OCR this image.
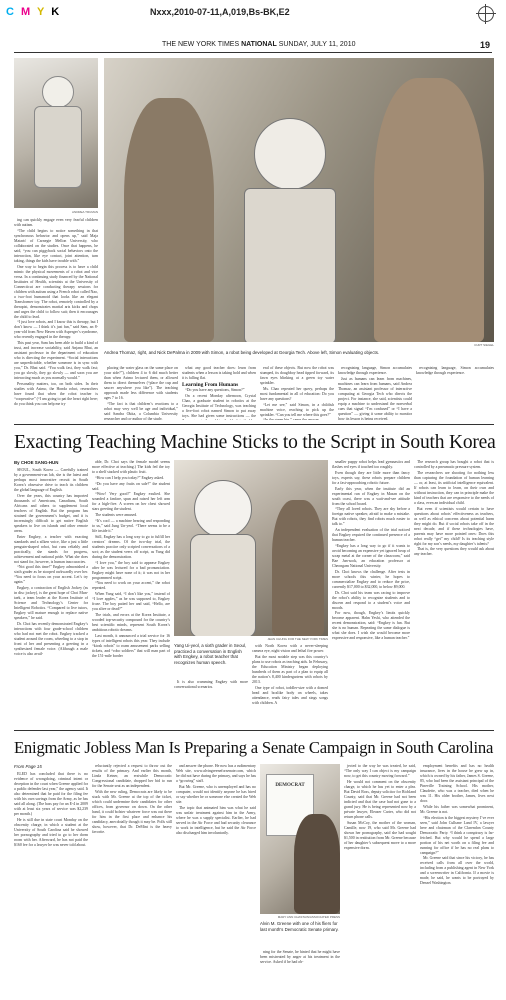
C M Y K	Nxxx,2010-07-11,A,019,Bs-BK,E2
THE NEW YORK TIMES NATIONAL SUNDAY, JULY 11, 2010	19
ANDREA TRUMAN
CURT SIEGEL
Andrea Thomaz, right, and Nick DePalma in 2009 with Simon, a robot being developed at Georgia Tech. Above left, Simon evaluating objects.

ing can quickly engage even very fearful children with autism.

“The child begins to notice something in that synchronous behavior and opens up,” said Maja Matarić of Carnegie Mellon University, who collaborated on the studies. Once that happens, he said, “you can piggyback social behaviors onto the interaction, like eye contact, joint attention, turn taking, things the kids have trouble with.”

One way to begin this process is to have a child mimic the physical movements of a robot and vice versa. In a continuing study financed by the National Institutes of Health, scientists at the University of Connecticut are conducting therapy sessions for children with autism using a French robot called Nao, a two-foot humanoid that looks like an elegant Transformer toy. The robot, remotely controlled by a therapist, demonstrates martial arts kicks and chops and urges the child to follow suit; then it encourages the child to lead.

“I just love robots, and I know this is therapy, but I don’t know — I think it’s just fun,” said Sam, an 8-year-old from New Haven with Asperger’s syndrome, who recently engaged in the therapy.

This past year, Sam has been able to build a kind of trust, and increase sociability, said Anjana Bhat, an assistant professor in the department of education who is directing the experiment. “Social interactions are unpredictable, whether someone is in sync with you,” Dr. Bhat said. “You walk fast, they walk fast; you go slowly, they go slowly — and soon you are interacting much as you normally would.”

Personality matters, too, on both sides. In their studies with Asimo, the Honda robot, researchers have found that when the robot teacher is “cooperative” (“I am going to pat the heart right here; do you think you can help me try

placing the water glass on the same place on your side?”), children 4 to 6 did much better than when Asimo lectured them, or allowed them to direct themselves (“place the cup and saucer anywhere you like”). The teaching approach made less difference with students ages 7 to 16.

“The fact is that children’s reactions to a robot may very well be age and individual,” said Sandra Okita, a Columbia University researcher and co-author of the study.

what any good teacher does: learn from students when a lesson is taking hold and when it is falling flat.

Learning From Humans

“Do you have any questions, Simon?”

On a recent Monday afternoon, Crystal Chao, a graduate student in robotics at the Georgia Institute of Technology, was teaching a five-foot robot named Simon to put away toys. She had given some instructions — the

eral of these objects. But now the robot was stumped, its doughboy head tipped forward, its fawn eyes blinking at a green toy water sprinkler.

Ms. Chao repeated her query, perhaps the most fundamental in all of education: Do you have any questions?

“Let me see,” said Simon, in a childish machine voice, reaching to pick up the sprinkler. “Can you tell me where this goes?”

recognizing language, Simon accumulates knowledge through experience.

Just as humans can learn from machines, machines can learn from humans, said Andrea Thomaz, an assistant professor of interactive computing at Georgia Tech who directs the project. For instance, she said, scientists could equip a machine to understand the nonverbal cues that signal “I’m confused” or “I have a question” — giving it some ability to monitor how its lesson is being received.

recognizing language, Simon accumulates knowledge through experience.

Exacting Teaching Machine Sticks to the Script in South Korea
By CHOE SANG-HUN

SEOUL, South Korea — Carefully trained by a government-run lab, she is the latest and perhaps most innovative recruit in South Korea’s obsessive drive to teach its children the global language of English.

Over the years, this country has imported thousands of Americans, Canadians, South Africans and others to supplement local teachers of English. But the program has strained the government’s budget, and it is increasingly difficult to get native English speakers to live on islands and other remote areas.

Enter Engkey, a teacher with exacting standards and a silken voice, like a just a little penguin-shaped robot, but runs reliably and practically, she stands for progress, achievement and national pride. What she does not stand for, however, is human inaccuracies.

“Not good this time!” Engkey admonished a sixth grader as he stooped awkwardly over her. “You need to focus on your accent. Let’s try again.”

Engkey, a contraction of English Jockey (as in disc jockey), is the great hope of Choi Mun-taek, a team leader at the Korea Institute of Science and Technology’s Center for Intelligent Robotics. “Compared to live tutors, Engkey will mature enough to replace native speakers,” he said.

Dr. Choi has recently demonstrated Engkey’s interactions with four grade-school children who had not met the robot. Engkey tracked a student around the room, wheeling to a stop in front of her and presenting a greeting in a synthesized female voice. (Although a male voice is also avail-

able, Dr. Choi says the female model seems more effective at teaching.) The kids fed the toy to a shelf stacked with plastic fruit.

“How can I help you today?” Engkey asked.

“Do you have any fruits on sale?” the student said.

“Wow! Very good!” Engkey exulted. She sounded a fanfare, spun and raised her left arm for a high-five. A screen on her chest showed stars greeting the student.

The students were amused.

“It’s cool — a machine hearing and responding to us,” said Jung Un-yeol. “There seems to be a life inside it.”

Still, Engkey has a long way to go to fulfill her creators’ dreams. Of the two-day trial, the students practice only scripted conversations of a sort; as the student veers off script, as Yang did during the demonstration.

“I love you,” the boy said to appease Engkey after he was lectured for a bad pronunciation. Engkey might have none of it; it was not in her programmed script.

“You need to work on your accent,” the robot repeated.

When Yang said, “I don’t like you,” instead of “I love apples,” as he was supposed to, Engkey froze. The boy patted her and said, “Hello, are you alive or dead?”

The trials, and errors at the Korea Institute, a wooded top-security compound for the country’s best scientific minds, represent South Korea’s ambitious robotic dreams.

Last month, it announced a trial service for 16 types of intelligent robots this year. They include “kiosk robots” to roam amusement parks selling tickets, and “robo soldiers” that will man part of the 151-mile border

JEAN CHUNG FOR THE NEW YORK TIMES
Yang Ui-yeol, a sixth grader in Seoul, practiced a conversation in English with Engkey, a robot teacher that recognizes human speech.

with North Korea with a never-sleeping camera eye, night vision and lethal fire power.

But the most notable step was this country’s plans to use robots as teaching aids. In February, the Education Ministry began deploying hundreds of them as part of a plan to equip all the nation’s 8,400 kindergartens with robots by 2013.

One type of robot, toddler-size with a domed head and boxlike body on wheels, takes attendance, reads fairy tales and sings songs with children. A

It is also cramming Engkey with more conversational scenarios.

smaller puppy robot helps lead gymnastics and flashes red eyes if touched too roughly.

Even though they are little more than fancy toys, experts say, these robots prepare children for a fast-approaching robotic future.

Early this year, when the institute did an experimental run of Engkey in Masan on the south coast, there was a wait-and-see attitude from the school board.

“They all loved robots. They are shy before a foreign native speaker, afraid to make a mistake. But with robots, they find robots much easier to talk to.”

An independent evaluation of the trial noticed that Engkey required the continued presence of a human teacher.

“Engkey has a long way to go if it wants to avoid becoming an expensive yet ignored heap of scrap metal at the corner of the classroom,” said Bae Jun-sook, an education professor at Cheongam National University.

Dr. Choi knows the challenge. After tests in more schools this winter, he hopes to commercialize Engkey and to reduce the price, currently $17,000 to $32,000, to below $9,000.

Dr. Choi said his team was racing to improve the robot’s ability to recognize students and to discern and respond to a student’s voice and moods.

For now, though, Engkey’s limits quickly become apparent. Hahn Yeshi, who attended the recent demonstration, said: “Engkey is fun. But she is no human. Repeating the same dialogue is what she does. I wish she would become more expressive and responsive, like a human teacher.”

The research group has bought a robot that is controlled by a pneumatic pressure system.

The researchers are shooting for nothing less than capturing the foundation of human learning — or, at least, its artificial intelligence equivalent. If robots can learn to learn, on their own and without instruction, they can in principle make the kind of teachers that are responsive to the needs of a class, even an individual child.

But even if scientists would certain to have questions about robots’ effectiveness as teachers, as well as ethical concerns about potential harm they might do. But if social robots take off in the next decade, and if these technologies have, parents may have more pointed ones: Does this robot really “get” my child? Is its teaching style right for my son’s needs, my daughter’s talents?

That is, the very questions they would ask about any teacher.

Enigmatic Jobless Man Is Preparing a Senate Campaign in South Carolina
From Page 15

ELED has concluded that there is no evidence of wrongdoing, criminal intent or deception in the court when Greene applied for a public defender last year,” the agency said. It also determined that he paid for the filing fee with his own savings from the Army, as he has said all along. (The bass pay for an E-4 in 2009 with at least six years of service was $2,239 per month.)

He is still due in state court Monday on the obscenity charge, in which a student at the University of South Carolina said he showed her pornography and tried to go to her dorm room with her. Afterward, he has not paid the $160 fee for a lawyer he was never told about.

reluctantly rejected a request to throw out the results of the primary. And earlier this month, Linda Ketner, an erstwhile Democratic Congressional candidate, dropped her bid to run for the Senate seat as an independent.

With the new ruling, Democrats are likely to be stuck with Mr. Greene at the top of the ticket, which could undermine their candidates for other offices, from governor on down. On the other hand, it could bolster whatever force was out there for him in the first place and enhance his candidacy, anecdotally though it may be. Polls still show, however, that Dr. DeMint is the heavy favorite.

and answer the phone. He now has a rudimentary Web site, www.alvingreeneforsenate.com, which he did not have during the primary, and says he has a “growing” staff.

But Mr. Greene, who is unemployed and has no computer, would not identify anyone he has hired or say whether he or someone else created the Web site.

The topic that animated him was what he said was unfair treatment against him in the Army, where he was a supply specialist. Earlier, he had served in the Air Force and had security clearance to work in intelligence, but he said the Air Force also discharged him involuntarily.

DEMOCRAT
MARY ANN CHASTAIN/ASSOCIATED PRESS
Alvin M. Greene with one of his fliers for last month’s Democratic Senate primary.

ning for the Senate, he hinted that he might have been mistreated by anger at his treatment in the service. Asked if he had ob-

jected to the way he was treated, he said, “The only way I can object is my campaign now, to get this country moving forward.”

He would not comment on the obscenity charge, to which he has yet to enter a plea. But David Ross, deputy solicitor for Richland County, said that Mr. Greene had not been indicted and that the case had not gone to a grand jury. He is being represented now by a private lawyer, Eleazer Carter, who did not return phone calls.

Susan McCoy, the mother of the woman, Camille, now 19, who said Mr. Greene had shown her pornography, said she had sought $1,500 in restitution from Mr. Greene because of her daughter’s subsequent move to a more expensive dorm.

employment benefits and has no health insurance, lives in the house he grew up in, which is owned by his father, James S. Greene, 85, who had been the assistant principal of the Pineville Training School. His mother, Claudette, who was a teacher, died when he was 11. His older brother, James, lives next door.

While his father was somewhat prominent, Mr. Greene is not.

“His election is the biggest mystery I’ve ever seen,” said John Culhane Land IV, a lawyer here and chairman of the Clarendon County Democratic Party. “I think a conspiracy is far-fetched. But why would he spend a large portion of his net worth on a filing fee and running for office if he has no real plans to campaign?”

Mr. Greene said that since his victory, he has received calls from all over the world, including from a publishing agent in New York and a screenwriter in California. If a movie is made, he said, he wants to be portrayed by Denzel Washington.
